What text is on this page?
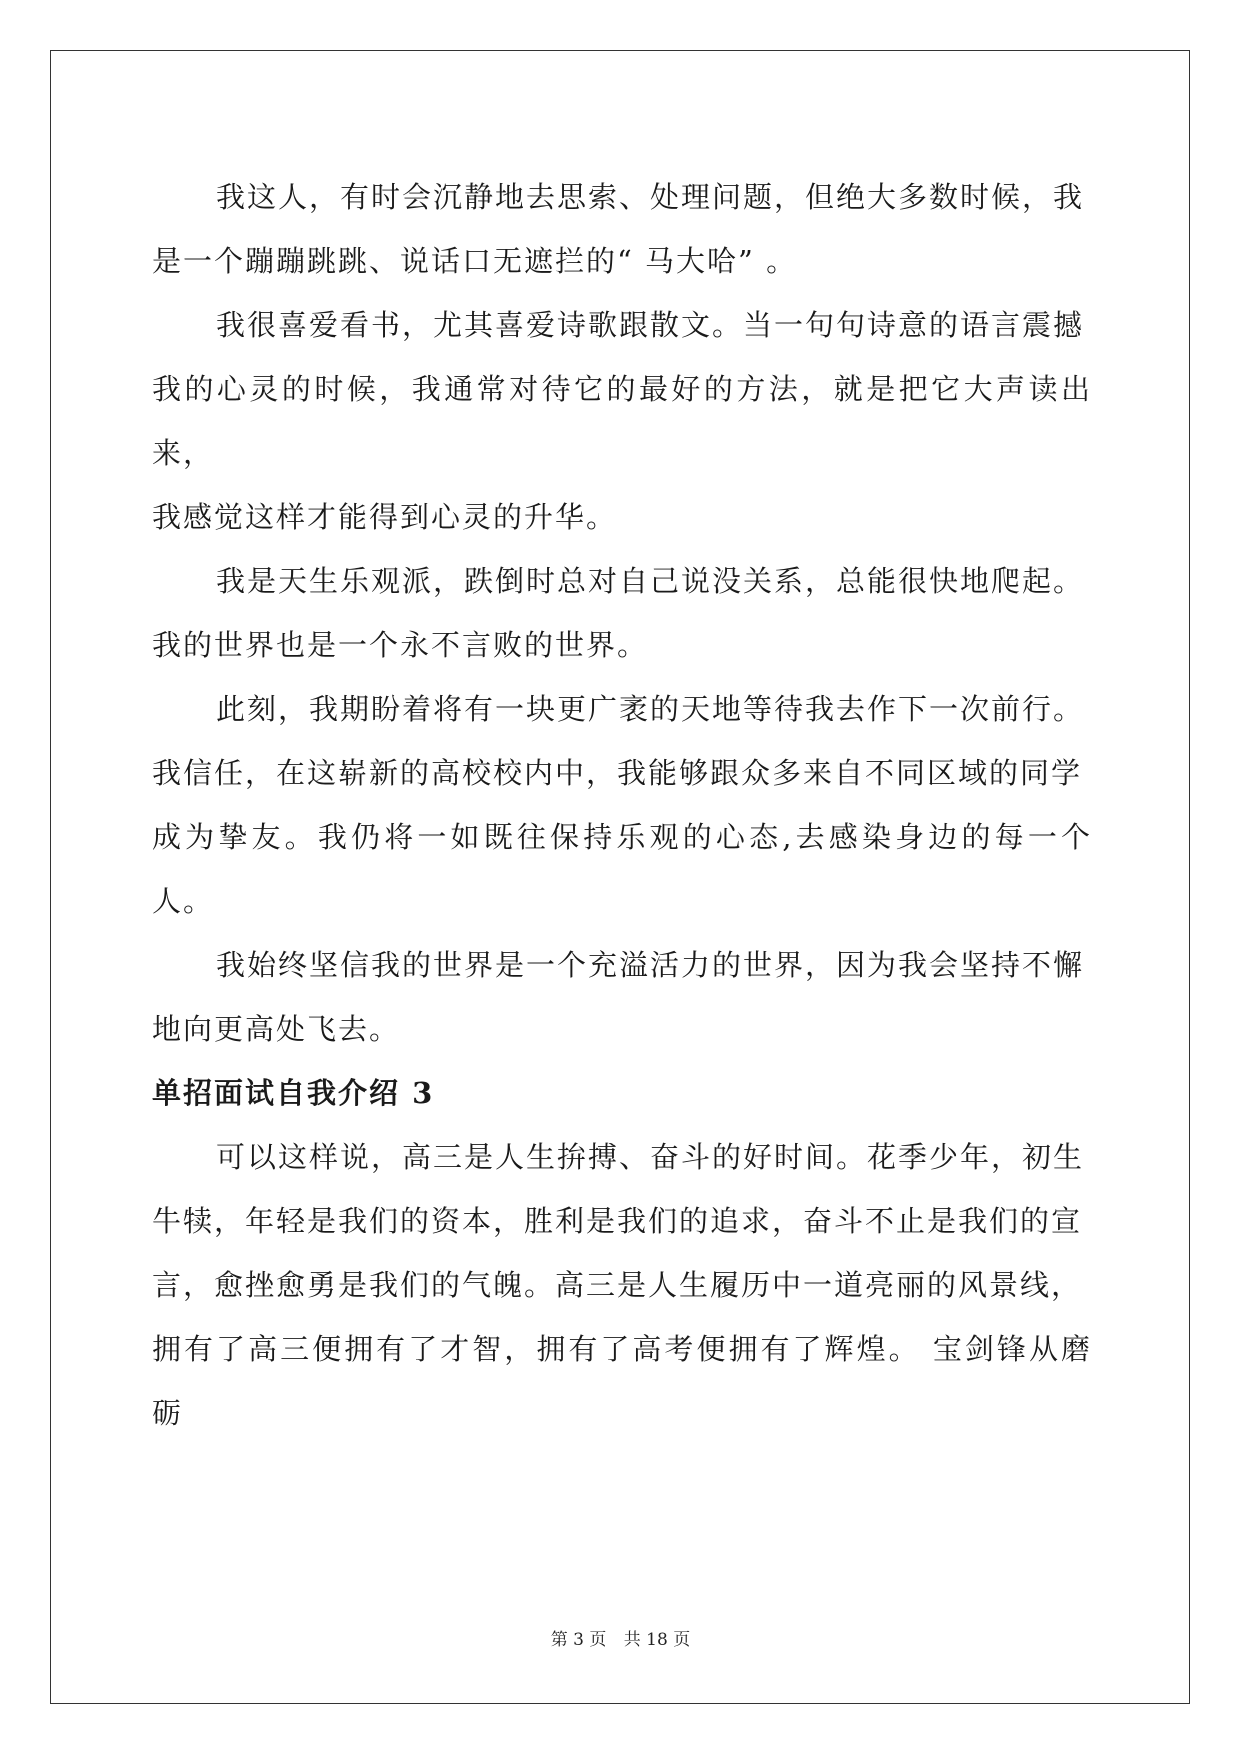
我这人，有时会沉静地去思索、处理问题，但绝大多数时候，我
是一个蹦蹦跳跳、说话口无遮拦的“ 马大哈” 。

我很喜爱看书，尤其喜爱诗歌跟散文。当一句句诗意的语言震撼
我的心灵的时候，我通常对待它的最好的方法，就是把它大声读出来，
我感觉这样才能得到心灵的升华。

我是天生乐观派，跌倒时总对自己说没关系，总能很快地爬起。
我的世界也是一个永不言败的世界。

此刻，我期盼着将有一块更广袤的天地等待我去作下一次前行。
我信任，在这崭新的高校校内中，我能够跟众多来自不同区域的同学
成为挚友。我仍将一如既往保持乐观的心态,去感染身边的每一个人。

我始终坚信我的世界是一个充溢活力的世界，因为我会坚持不懈
地向更高处飞去。

单招面试自我介绍 3

可以这样说，高三是人生拚搏、奋斗的好时间。花季少年，初生
牛犊，年轻是我们的资本，胜利是我们的追求，奋斗不止是我们的宣
言，愈挫愈勇是我们的气魄。高三是人生履历中一道亮丽的风景线，
拥有了高三便拥有了才智，拥有了高考便拥有了辉煌。 宝剑锋从磨砺

第 3 页 共 18 页
